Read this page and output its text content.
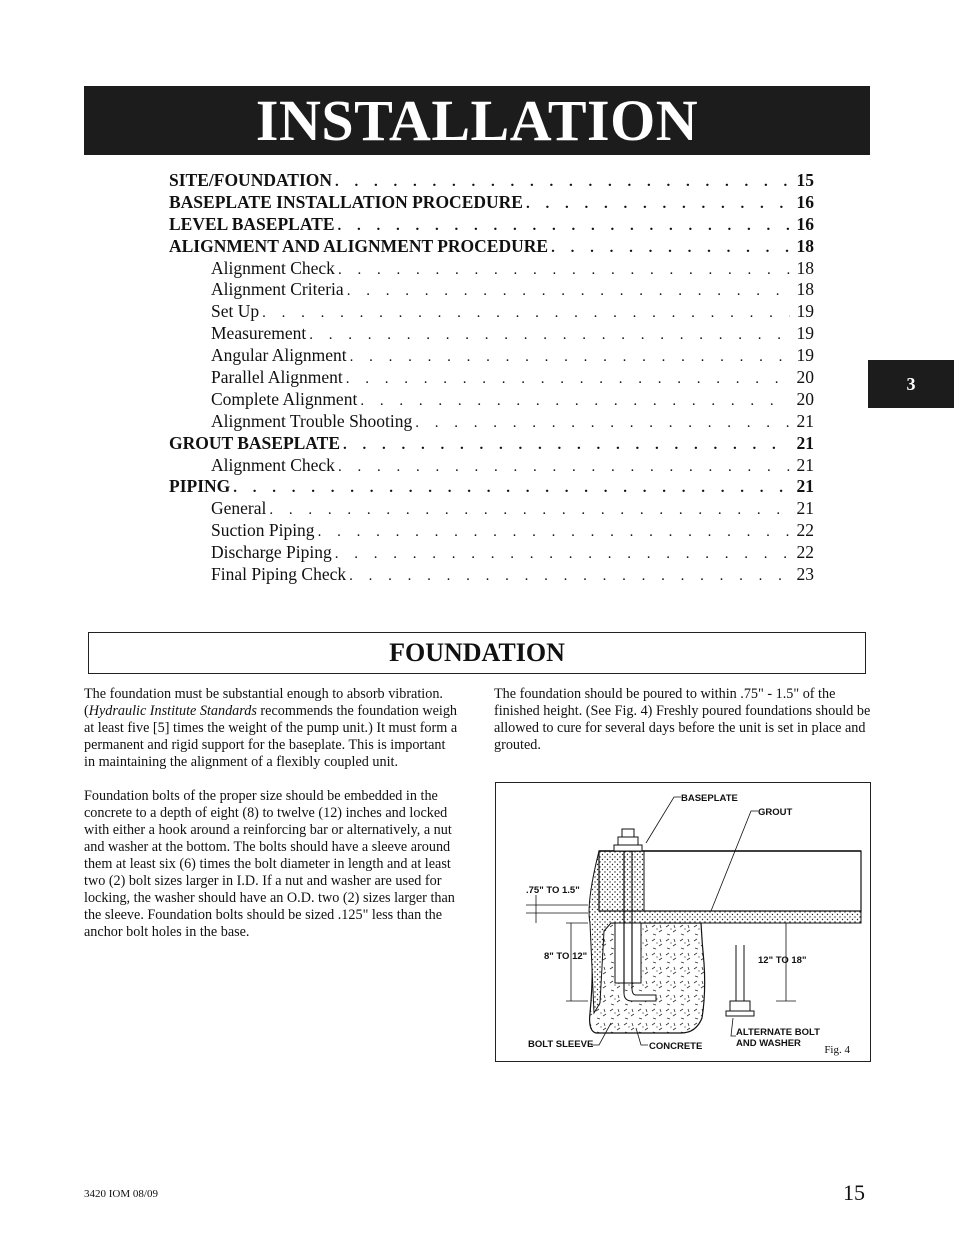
INSTALLATION
SITE/FOUNDATION . . .	15
BASEPLATE INSTALLATION PROCEDURE . . .	16
LEVEL BASEPLATE . . .	16
ALIGNMENT AND ALIGNMENT PROCEDURE . . .	18
Alignment Check . . .	18
Alignment Criteria . . .	18
Set Up . . .	19
Measurement . . .	19
Angular Alignment . . .	19
Parallel Alignment . . .	20
Complete Alignment . . .	20
Alignment Trouble Shooting . . .	21
GROUT BASEPLATE . . .	21
Alignment Check . . .	21
PIPING . . .	21
General . . .	21
Suction Piping . . .	22
Discharge Piping . . .	22
Final Piping Check . . .	23
3
FOUNDATION

The foundation must be substantial enough to absorb vibration. (Hydraulic Institute Standards recommends the foundation weigh at least five [5] times the weight of the pump unit.) It must form a permanent and rigid support for the baseplate. This is important in maintaining the alignment of a flexibly coupled unit.

Foundation bolts of the proper size should be embedded in the concrete to a depth of eight (8) to twelve (12) inches and locked with either a hook around a reinforcing bar or alternatively, a nut and washer at the bottom. The bolts should have a sleeve around them at least six (6) times the bolt diameter in length and at least two (2) bolt sizes larger in I.D. If a nut and washer are used for locking, the washer should have an O.D. two (2) sizes larger than the sleeve. Foundation bolts should be sized .125" less than the anchor bolt holes in the base.

The foundation should be poured to within .75" - 1.5" of the finished height. (See Fig. 4) Freshly poured foundations should be allowed to cure for several days before the unit is set in place and grouted.

BASEPLATE
GROUT
.75" TO 1.5"
8" TO 12"	12" TO 18"
ALTERNATE BOLT
AND WASHER
BOLT SLEEVE	CONCRETE	Fig. 4
3420 IOM 08/09	15
